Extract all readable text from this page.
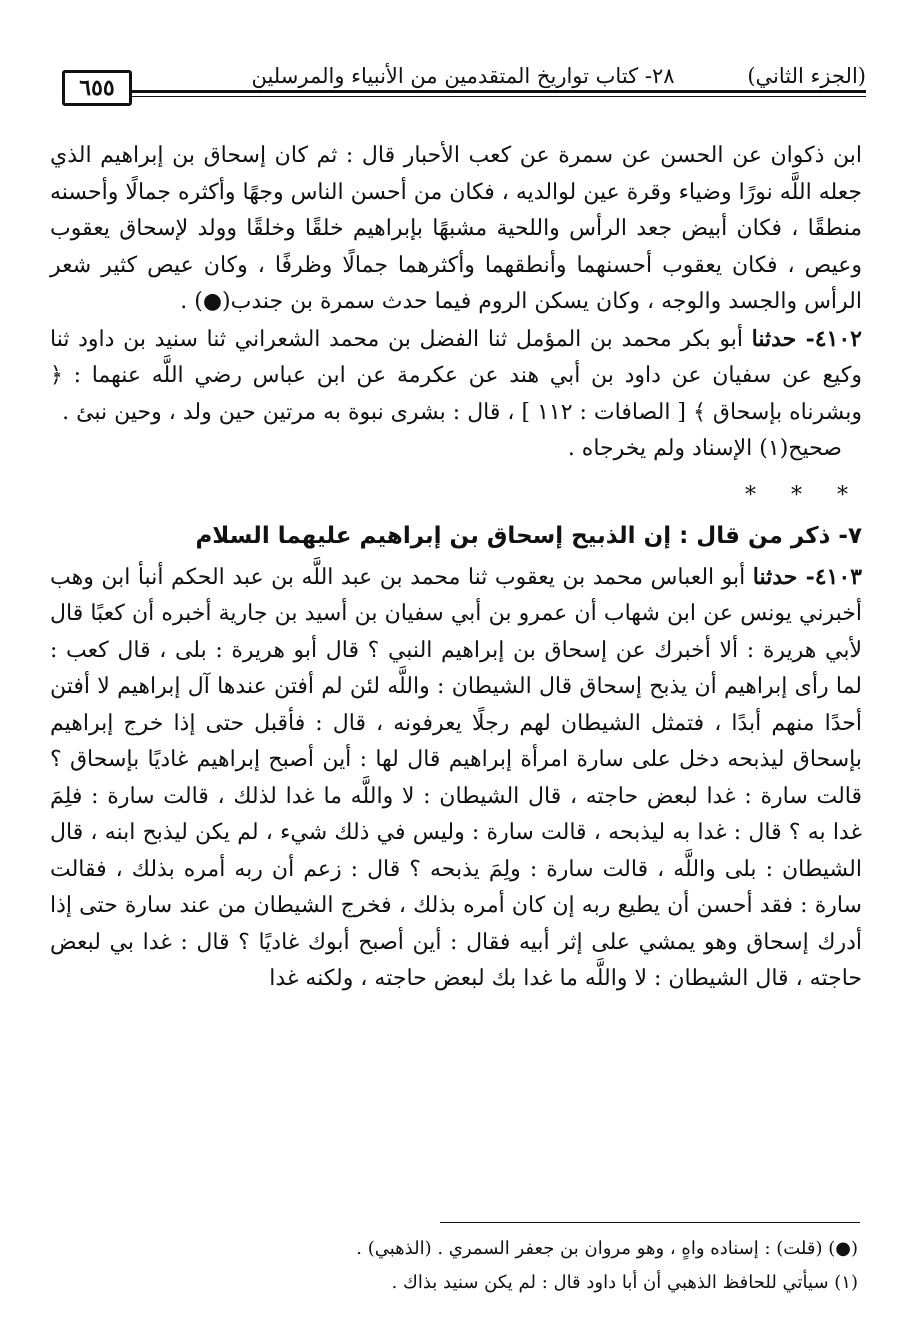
٦٥٥	٢٨- كتاب تواريخ المتقدمين من الأنبياء والمرسلين	(الجزء الثاني)

ابن ذكوان عن الحسن عن سمرة عن كعب الأحبار قال : ثم كان إسحاق بن إبراهيم الذي جعله اللَّه نورًا وضياء وقرة عين لوالديه ، فكان من أحسن الناس وجهًا وأكثره جمالًا وأحسنه منطقًا ، فكان أبيض جعد الرأس واللحية مشبهًا بإبراهيم خلقًا وخلقًا وولد لإسحاق يعقوب وعيص ، فكان يعقوب أحسنهما وأنطقهما وأكثرهما جمالًا وظرفًا ، وكان عيص كثير شعر الرأس والجسد والوجه ، وكان يسكن الروم فيما حدث سمرة بن جندب(●) .

٤١٠٢- حدثنا أبو بكر محمد بن المؤمل ثنا الفضل بن محمد الشعراني ثنا سنيد بن داود ثنا وكيع عن سفيان عن داود بن أبي هند عن عكرمة عن ابن عباس رضي اللَّه عنهما : ﴿ وبشرناه بإسحاق ﴾ [ الصافات : ١١٢ ] ، قال : بشرى نبوة به مرتين حين ولد ، وحين نبئ .

صحيح(١) الإسناد ولم يخرجاه .

* * *
٧- ذكر من قال : إن الذبيح إسحاق بن إبراهيم عليهما السلام

٤١٠٣- حدثنا أبو العباس محمد بن يعقوب ثنا محمد بن عبد اللَّه بن عبد الحكم أنبأ ابن وهب أخبرني يونس عن ابن شهاب أن عمرو بن أبي سفيان بن أسيد بن جارية أخبره أن كعبًا قال لأبي هريرة : ألا أخبرك عن إسحاق بن إبراهيم النبي ؟ قال أبو هريرة : بلى ، قال كعب : لما رأى إبراهيم أن يذبح إسحاق قال الشيطان : واللَّه لئن لم أفتن عندها آل إبراهيم لا أفتن أحدًا منهم أبدًا ، فتمثل الشيطان لهم رجلًا يعرفونه ، قال : فأقبل حتى إذا خرج إبراهيم بإسحاق ليذبحه دخل على سارة امرأة إبراهيم قال لها : أين أصبح إبراهيم غاديًا بإسحاق ؟ قالت سارة : غدا لبعض حاجته ، قال الشيطان : لا واللَّه ما غدا لذلك ، قالت سارة : فلِمَ غدا به ؟ قال : غدا به ليذبحه ، قالت سارة : وليس في ذلك شيء ، لم يكن ليذبح ابنه ، قال الشيطان : بلى واللَّه ، قالت سارة : ولِمَ يذبحه ؟ قال : زعم أن ربه أمره بذلك ، فقالت سارة : فقد أحسن أن يطيع ربه إن كان أمره بذلك ، فخرج الشيطان من عند سارة حتى إذا أدرك إسحاق وهو يمشي على إثر أبيه فقال : أين أصبح أبوك غاديًا ؟ قال : غدا بي لبعض حاجته ، قال الشيطان : لا واللَّه ما غدا بك لبعض حاجته ، ولكنه غدا

(●) (قلت) : إسناده واهٍ ، وهو مروان بن جعفر السمري . (الذهبي) .

(١) سيأتي للحافظ الذهبي أن أبا داود قال : لم يكن سنيد بذاك .
